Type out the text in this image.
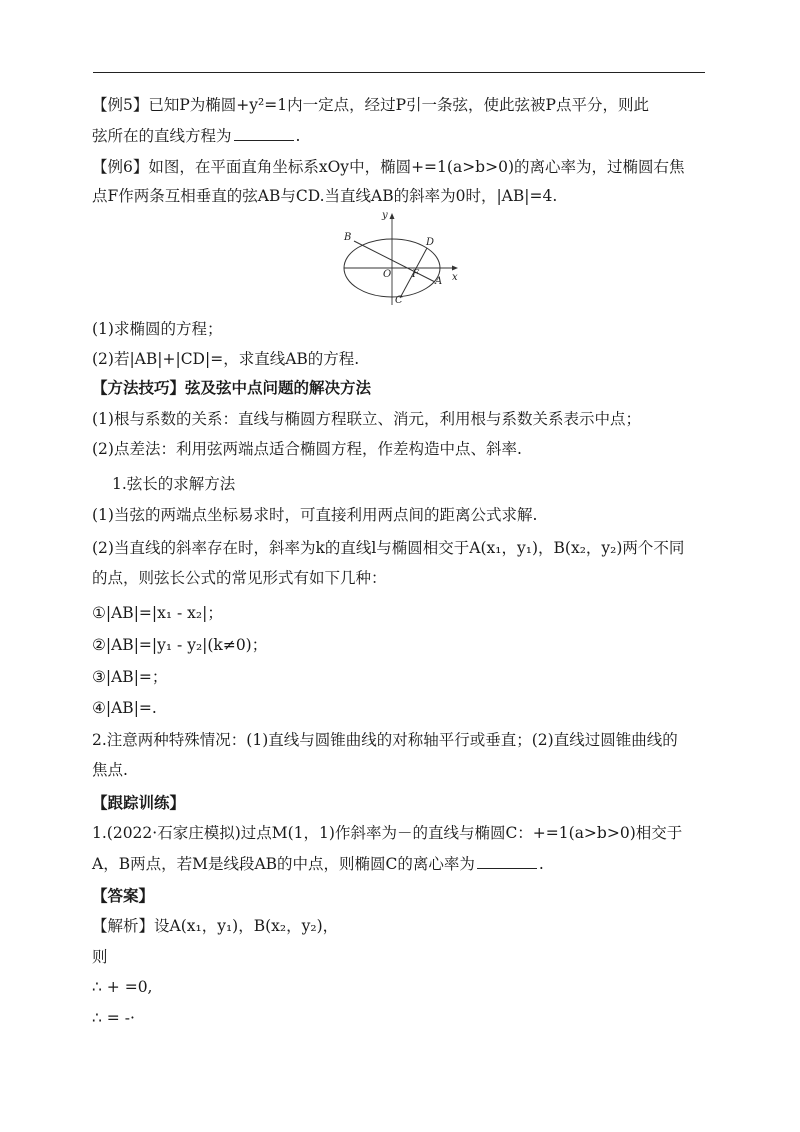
【例5】已知P为椭圆+y²=1内一定点，经过P引一条弦，使此弦被P点平分，则此
弦所在的直线方程为	.
【例6】如图，在平面直角坐标系xOy中，椭圆+=1(a>b>0)的离心率为，过椭圆右焦
点F作两条互相垂直的弦AB与CD.当直线AB的斜率为0时，|AB|=4.
y
x
O
B	D
F
A
C
(1)求椭圆的方程；
(2)若|AB|+|CD|=，求直线AB的方程.
【方法技巧】弦及弦中点问题的解决方法
(1)根与系数的关系：直线与椭圆方程联立、消元，利用根与系数关系表示中点；
(2)点差法：利用弦两端点适合椭圆方程，作差构造中点、斜率.
1.弦长的求解方法
(1)当弦的两端点坐标易求时，可直接利用两点间的距离公式求解.
(2)当直线的斜率存在时，斜率为k的直线l与椭圆相交于A(x₁，y₁)，B(x₂，y₂)两个不同
的点，则弦长公式的常见形式有如下几种：
①|AB|=|x₁ - x₂|；
②|AB|=|y₁ - y₂|(k≠0)；
③|AB|=；
④|AB|=.
2.注意两种特殊情况：(1)直线与圆锥曲线的对称轴平行或垂直；(2)直线过圆锥曲线的
焦点.
【跟踪训练】
1.(2022·石家庄模拟)过点M(1，1)作斜率为－的直线与椭圆C：+=1(a>b>0)相交于
A，B两点，若M是线段AB的中点，则椭圆C的离心率为	.
【答案】
【解析】设A(x₁，y₁)，B(x₂，y₂)，
则
∴ + =0,
∴ = -·
